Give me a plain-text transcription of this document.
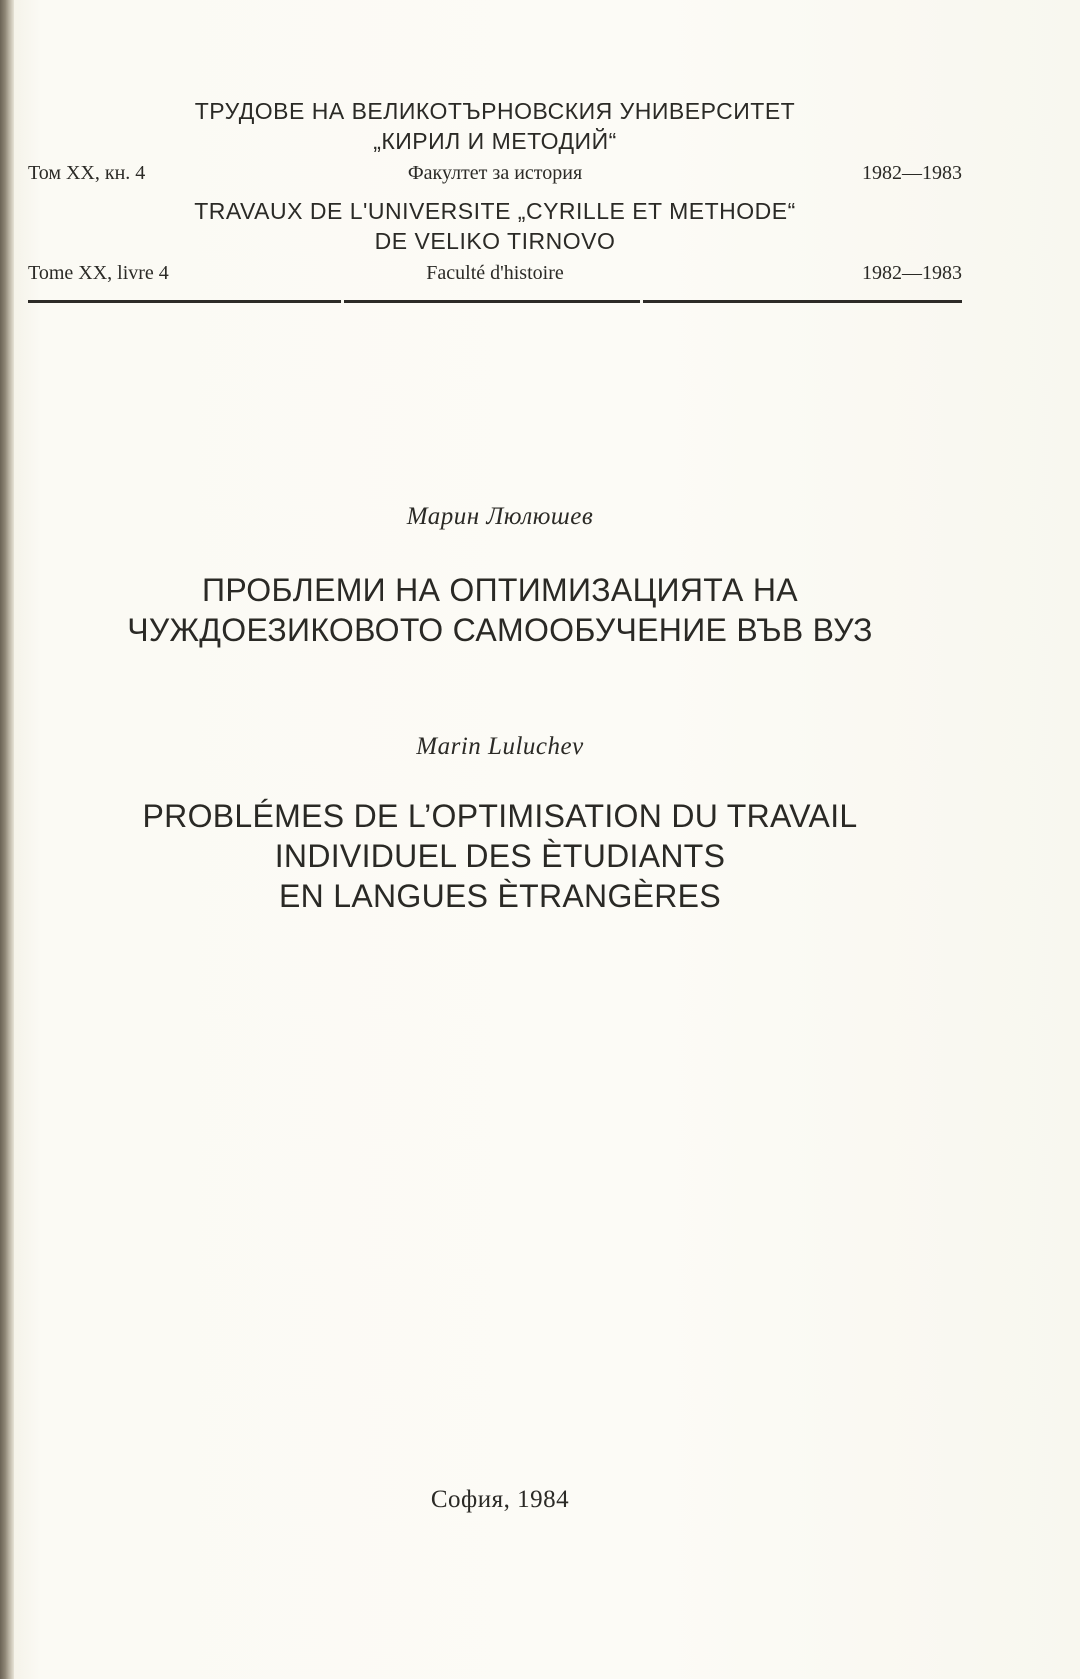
ТРУДОВЕ НА ВЕЛИКОТЪРНОВСКИЯ УНИВЕРСИТЕТ
„КИРИЛ И МЕТОДИЙ“
Том XX, кн. 4	Факултет за история	1982—1983
TRAVAUX DE L'UNIVERSITE „CYRILLE ET METHODE“
DE VELIKO TIRNOVO
Tome XX, livre 4	Faculté d'histoire	1982—1983
Марин Люлюшев
ПРОБЛЕМИ НА ОПТИМИЗАЦИЯТА НА
ЧУЖДОЕЗИКОВОТО САМООБУЧЕНИЕ ВЪВ ВУЗ
Marin Luluchev
PROBLÉMES DE L’OPTIMISATION DU TRAVAIL
INDIVIDUEL DES ÈTUDIANTS
EN LANGUES ÈTRANGÈRES
София, 1984
